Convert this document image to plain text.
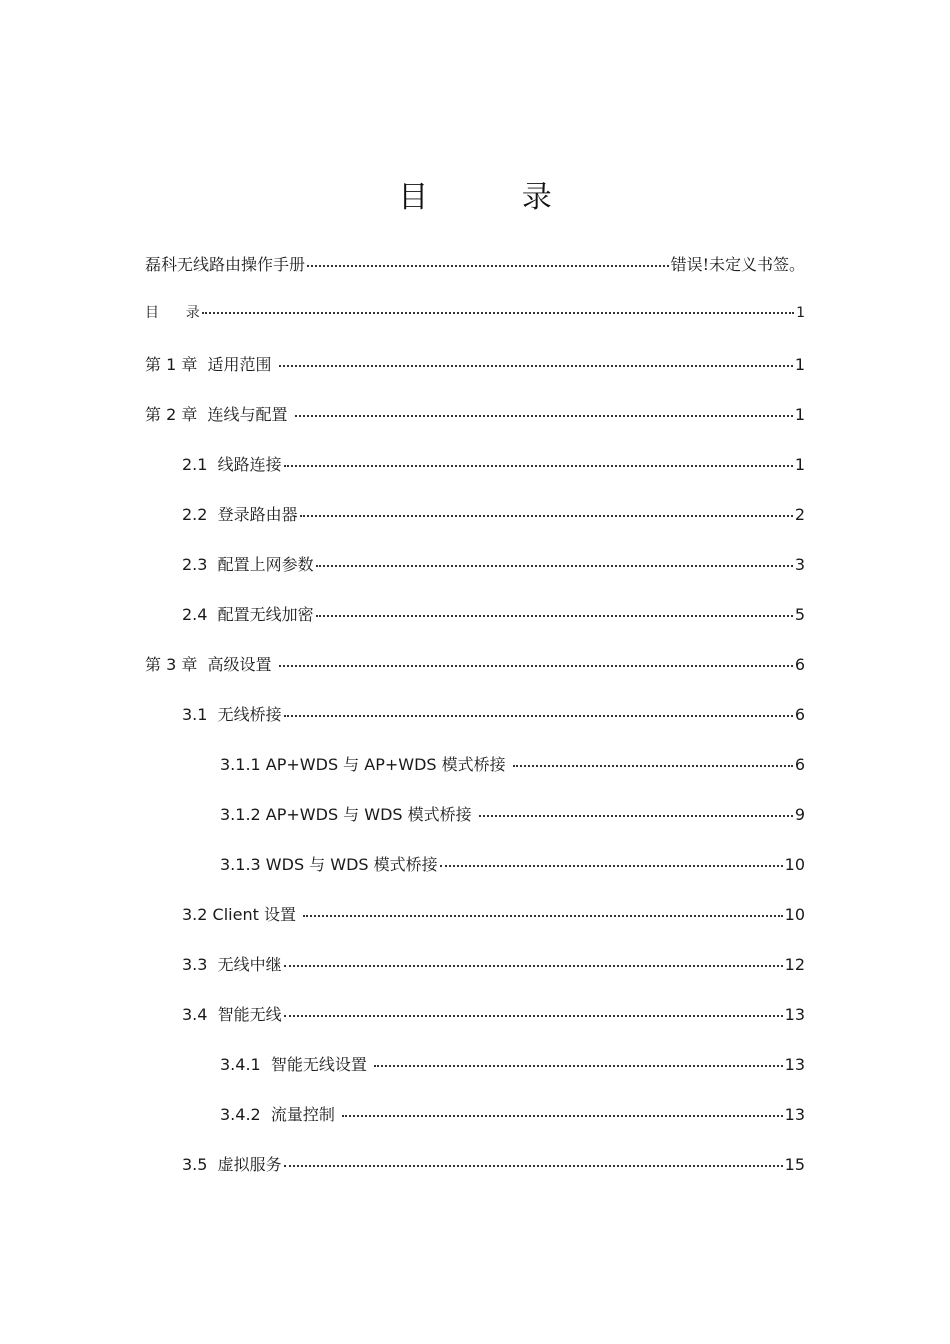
目 录
磊科无线路由操作手册	错误!未定义书签。
目      录	1
第 1 章  适用范围	1
第 2 章  连线与配置	1
2.1  线路连接	1
2.2  登录路由器	2
2.3  配置上网参数	3
2.4  配置无线加密	5
第 3 章  高级设置	6
3.1  无线桥接	6
3.1.1 AP+WDS 与 AP+WDS 模式桥接	6
3.1.2 AP+WDS 与 WDS 模式桥接	9
3.1.3 WDS 与 WDS 模式桥接	10
3.2 Client 设置	10
3.3  无线中继	12
3.4  智能无线	13
3.4.1  智能无线设置	13
3.4.2  流量控制	13
3.5  虚拟服务	15
